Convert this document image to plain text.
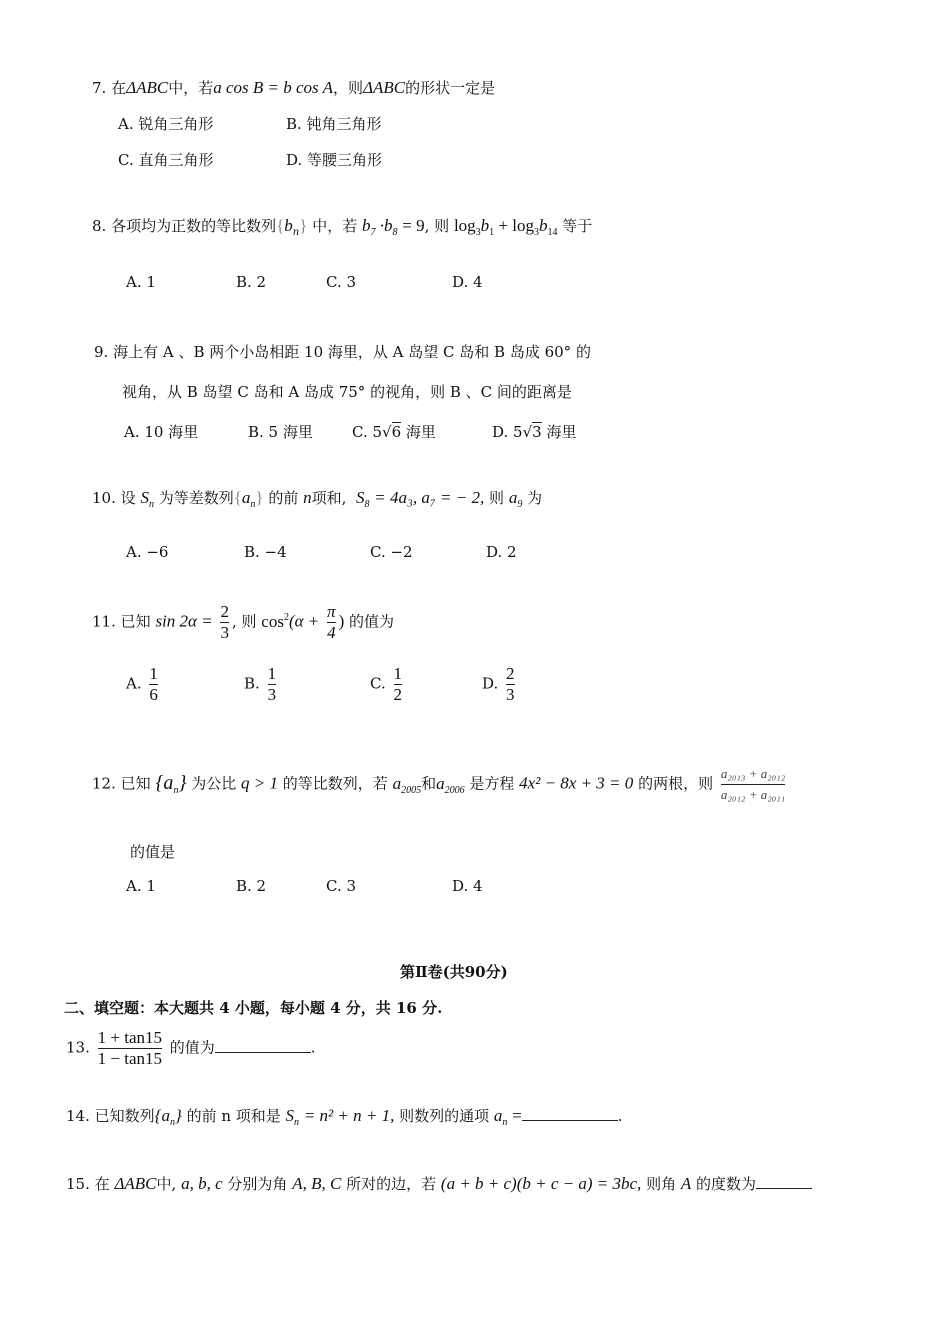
7. 在ΔABC中，若a cos B = b cos A，则ΔABC的形状一定是
A. 锐角三角形	B. 钝角三角形
C. 直角三角形	D. 等腰三角形
8. 各项均为正数的等比数列$\{b_n\}$ 中，若 $b_7 \cdot b_8 = 9$, 则 $\log_3b_1 + \log_3b_{14}$ 等于
A. 1	B. 2	C. 3	D. 4
9. 海上有 A 、B 两个小岛相距 10 海里，从 A 岛望 C 岛和 B 岛成 60° 的
视角，从 B 岛望 C 岛和 A 岛成 75° 的视角，则 B 、C 间的距离是
A. 10 海里	B. 5 海里	C. 5√6 海里	D. 5√3 海里
10. 设 $S_n$ 为等差数列$\{a_n\}$ 的前 n项和, $S_8 = 4a_3$, a₇ = − 2, 则 $a_9$ 为
A. −6	B. −4	C. −2	D. 2
11. 已知 $\sin 2\alpha = \frac{2}{3}$ , 则 $\cos^2(\alpha + \frac{\pi}{4}$ ) 的值为
A. $\frac{1}{6}$	B. $\frac{1}{3}$	C. $\frac{1}{2}$	D. $\frac{2}{3}$
12. 已知 $\{a_n\}$ 为公比 q > 1 的等比数列，若 $a_{2005}$和$a_{2006}$ 是方程 4x² − 8x + 3 = 0 的两根，则 $\frac{\text{a₂₀₁₃ + a₂₀₁₂}}{\text{a₂₀₁₂ + a₂₀₁₁}}$
的值是
A. 1	B. 2	C. 3	D. 4
第Ⅱ卷(共90分)
二、填空题：本大题共 4 小题，每小题 4 分，共 16 分.
13. $\frac{1 + \tan 15}{1 - \tan 15}$ 的值为	.
14. 已知数列$\{a_n\}$ 的前 n 项和是 $S_n = n^2 + n + 1$, 则数列的通项 $a_n$ =	.
15. 在 ΔABC中, a, b, c 分别为角 A, B, C 所对的边，若 (a + b + c)(b + c − a) = 3bc, 则角 A 的度数为
